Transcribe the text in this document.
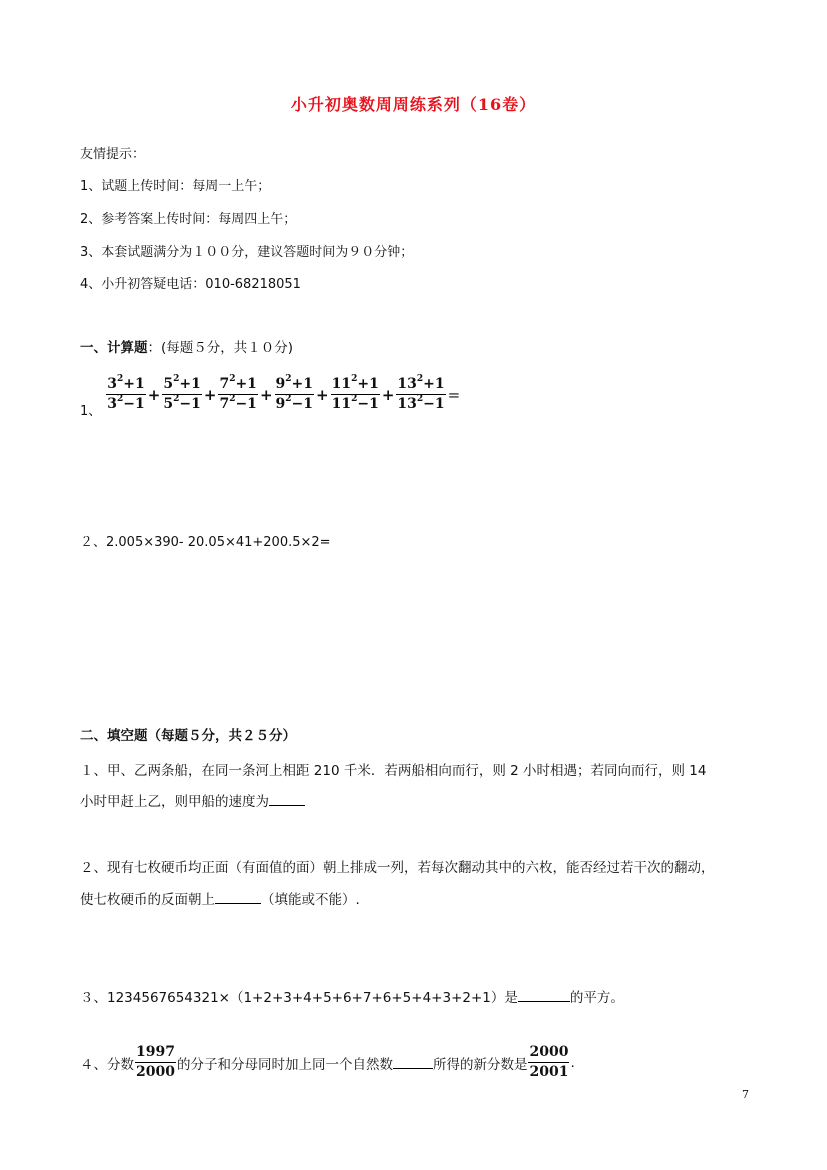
小升初奥数周周练系列（16卷）
友情提示：
1、试题上传时间：每周一上午；
2、参考答案上传时间：每周四上午；
3、本套试题满分为１００分，建议答题时间为９０分钟；
4、小升初答疑电话：010-68218051
一、计算题：(每题５分，共１０分)
1、 $\frac{3^2+1}{3^2-1} + \frac{5^2+1}{5^2-1} + \frac{7^2+1}{7^2-1} + \frac{9^2+1}{9^2-1} + \frac{11^2+1}{11^2-1} + \frac{13^2+1}{13^2-1}$ =
２、2.005×390- 20.05×41+200.5×2=
二、填空题（每题５分，共２５分）
１、甲、乙两条船，在同一条河上相距 210 千米．若两船相向而行，则 2 小时相遇；若同向而行，则 14
小时甲赶上乙，则甲船的速度为
２、现有七枚硬币均正面（有面值的面）朝上排成一列，若每次翻动其中的六枚，能否经过若干次的翻动，
使七枚硬币的反面朝上	（填能或不能）.
３、1234567654321×（1+2+3+4+5+6+7+6+5+4+3+2+1）是	的平方。
４、分数 $\frac{1997}{2000}$ 的分子和分母同时加上同一个自然数	所得的新分数是 $\frac{2000}{2001}$ .
7
